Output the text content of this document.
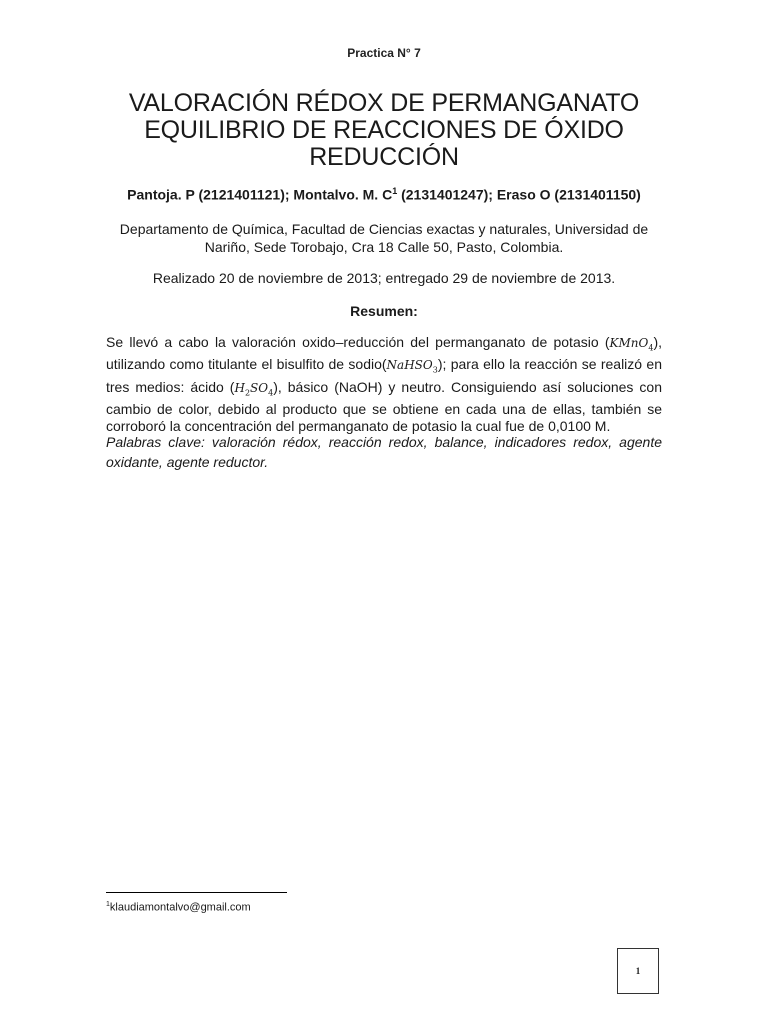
Practica N° 7
VALORACIÓN RÉDOX DE PERMANGANATO
EQUILIBRIO DE REACCIONES DE ÓXIDO
REDUCCIÓN
Pantoja. P (2121401121); Montalvo. M. $C^1$ (2131401247); Eraso O (2131401150)
Departamento de Química, Facultad de Ciencias exactas y naturales, Universidad de
Nariño, Sede Torobajo, Cra 18 Calle 50, Pasto, Colombia.
Realizado 20 de noviembre de 2013; entregado 29 de noviembre de 2013.
Resumen:
Se llevó a cabo la valoración oxido–reducción del permanganato de potasio (KMnO$_4$), utilizando como titulante el bisulfito de sodio(NaHSO$_3$); para ello la reacción se realizó en tres medios: ácido $(H_2SO_4)$, básico (NaOH) y neutro. Consiguiendo así soluciones con cambio de color, debido al producto que se obtiene en cada una de ellas, también se corroboró la concentración del permanganato de potasio la cual fue de 0,0100 M.
Palabras clave: valoración rédox, reacción redox, balance, indicadores redox, agente oxidante, agente reductor.
$^1$klaudiamontalvo@gmail.com
1
